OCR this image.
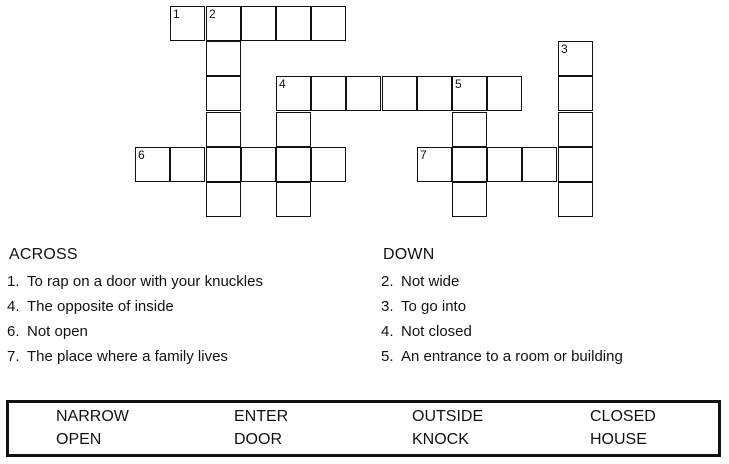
1 2
3
4	5
6	7
ACROSS
1. To rap on a door with your knuckles
4. The opposite of inside
6. Not open
7. The place where a family lives
DOWN
2. Not wide
3. To go into
4. Not closed
5. An entrance to a room or building
NARROW	ENTER	OUTSIDE	CLOSED
OPEN	DOOR	KNOCK	HOUSE
